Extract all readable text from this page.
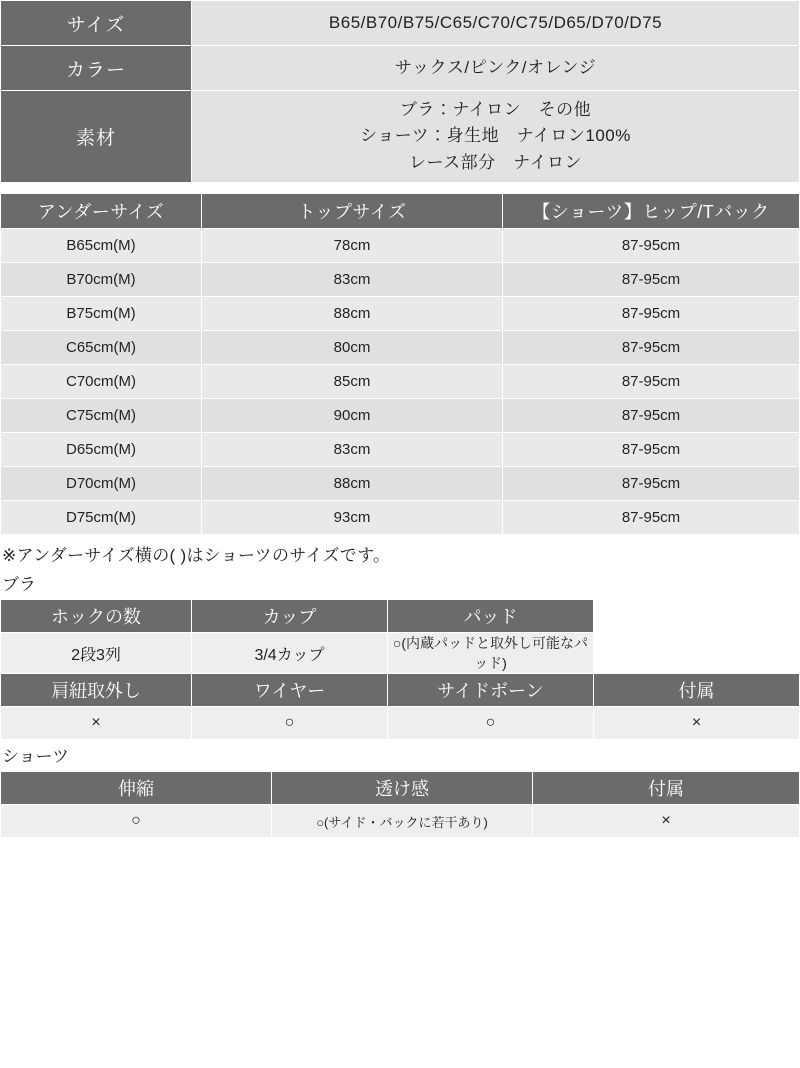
サイズ	B65/B70/B75/C65/C70/C75/D65/D70/D75
カラー	サックス/ピンク/オレンジ
素材	ブラ：ナイロン　その他
ショーツ：身生地　ナイロン100%
レース部分　ナイロン
アンダーサイズ	トップサイズ	【ショーツ】ヒップ/Tバック
B65cm(M)	78cm	87-95cm
B70cm(M)	83cm	87-95cm
B75cm(M)	88cm	87-95cm
C65cm(M)	80cm	87-95cm
C70cm(M)	85cm	87-95cm
C75cm(M)	90cm	87-95cm
D65cm(M)	83cm	87-95cm
D70cm(M)	88cm	87-95cm
D75cm(M)	93cm	87-95cm
※アンダーサイズ横の( )はショーツのサイズです。
ブラ
ホックの数	カップ	パッド	
2段3列	3/4カップ	○(内蔵パッドと取外し可能なパッド)	
肩紐取外し	ワイヤー	サイドボーン	付属
×	○	○	×
ショーツ
伸縮	透け感	付属
○	○(サイド・バックに若干あり)	×
